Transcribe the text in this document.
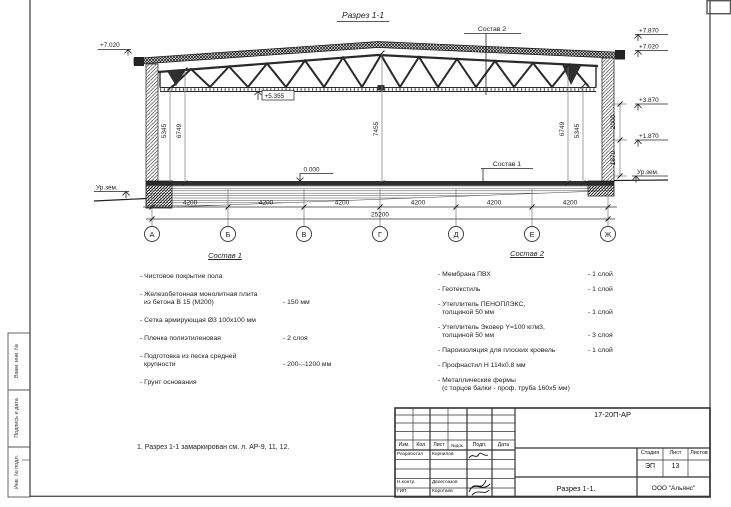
Разрез 1-1
Состав 2
Состав 1
+7.020
Ур.зем.
+5.355
0.000
+7.870
+7.020
+3.870
+1.870
Ур.зем.
5345 6749	7455	6749 5345
2000
1870
4200	4200	4200	4200	4200	4200
25200
А	Б	В	Г	Д	Е	Ж
Состав 1
- Чистовое покрытие пола
- Железобетонная монолитная плита
из бетона В 15 (М200)	- 150 мм
- Сетка армирующая Ø3 100х100 мм
- Пленка полиэтиленовая	- 2 слоя
- Подготовка из песка средней
крупности	- 200-:-1200 мм
- Грунт основания
Состав 2
- Мембрана ПВХ	- 1 слой
- Геотекстиль	- 1 слой
- Утеплитель ПЕНОПЛЭКС,
толщиной 50 мм	- 1 слой
- Утеплитель Эковер Y=100 кг/м3,
толщиной 50 мм	- 3 слоя
- Пароизоляция для плоских кровель	- 1 слой
- Профнастил Н 114х0.8 мм
- Металлические фермы
(с торцов балки - проф. труба 160х5 мм)
1. Разрез 1-1 замаркирован см. л. АР-9, 11, 12.
17-20П-АР
Изм.	Кол.	Лист	№док.	Подп.	Дата
Разработал	Корнилов
Н.контр.	Двоеглазов
ГИП	Коротаев
Стадия	Лист	Листов
ЭП	13
Разрез 1-1.	ООО "Альянс"
Взам. инв. №
Подпись и дата
Инв. № подл.
